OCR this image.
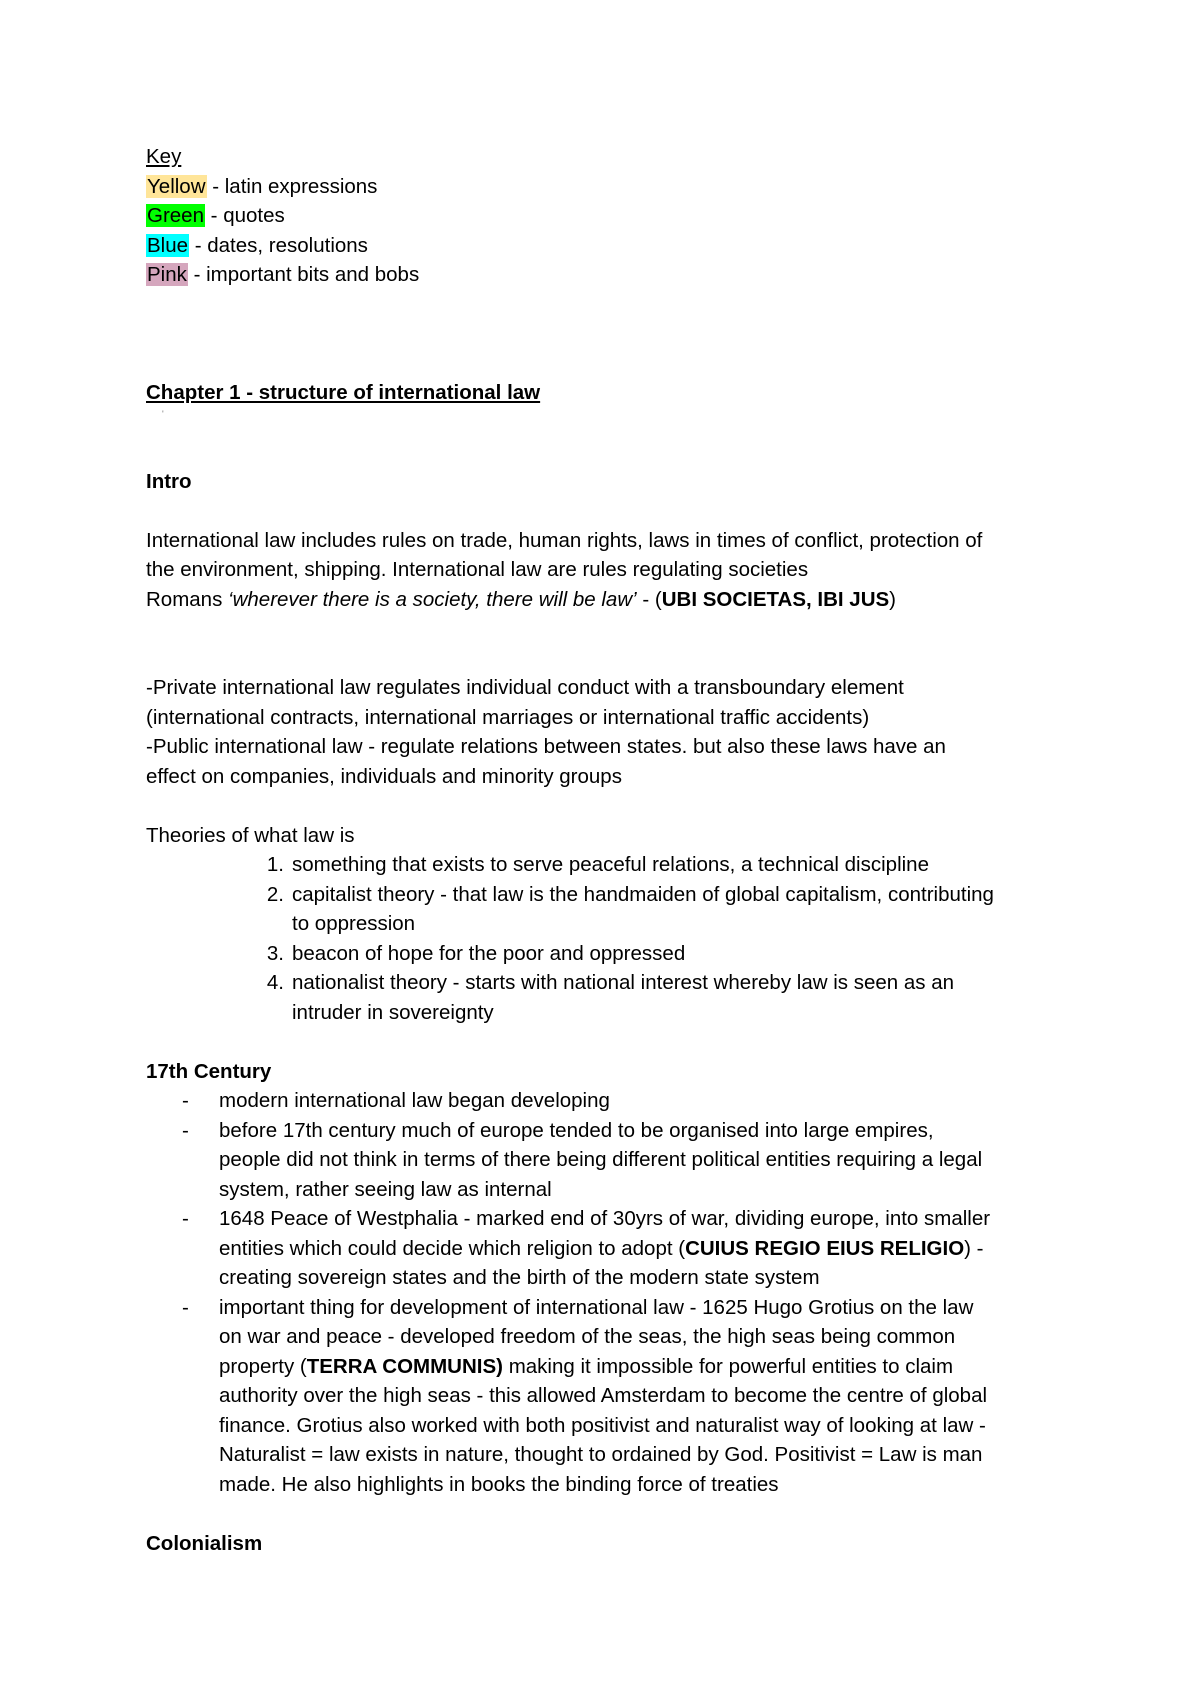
Key
Yellow - latin expressions
Green - quotes
Blue - dates, resolutions
Pink - important bits and bobs
Chapter 1 - structure of international law
Intro
International law includes rules on trade, human rights, laws in times of conflict, protection of
the environment, shipping. International law are rules regulating societies
Romans ‘wherever there is a society, there will be law’ - (UBI SOCIETAS, IBI JUS)
-Private international law regulates individual conduct with a transboundary element
(international contracts, international marriages or international traffic accidents)
-Public international law - regulate relations between states. but also these laws have an
effect on companies, individuals and minority groups
Theories of what law is
1. something that exists to serve peaceful relations, a technical discipline
2. capitalist theory - that law is the handmaiden of global capitalism, contributing
to oppression
3. beacon of hope for the poor and oppressed
4. nationalist theory - starts with national interest whereby law is seen as an
intruder in sovereignty
17th Century
- modern international law began developing
- before 17th century much of europe tended to be organised into large empires,
people did not think in terms of there being different political entities requiring a legal
system, rather seeing law as internal
- 1648 Peace of Westphalia - marked end of 30yrs of war, dividing europe, into smaller
entities which could decide which religion to adopt (CUIUS REGIO EIUS RELIGIO) -
creating sovereign states and the birth of the modern state system
- important thing for development of international law - 1625 Hugo Grotius on the law
on war and peace - developed freedom of the seas, the high seas being common
property (TERRA COMMUNIS) making it impossible for powerful entities to claim
authority over the high seas - this allowed Amsterdam to become the centre of global
finance. Grotius also worked with both positivist and naturalist way of looking at law -
Naturalist = law exists in nature, thought to ordained by God. Positivist = Law is man
made. He also highlights in books the binding force of treaties
Colonialism
'
